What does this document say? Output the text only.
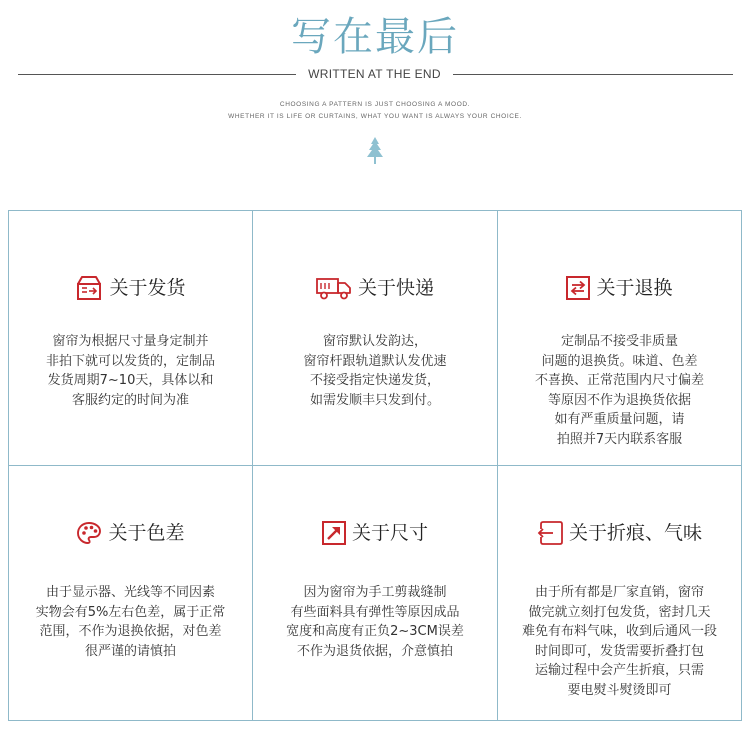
写在最后
WRITTEN AT THE END
CHOOSING A PATTERN IS JUST CHOOSING A MOOD.
WHETHER IT IS LIFE OR CURTAINS, WHAT YOU WANT IS ALWAYS YOUR CHOICE.
关于发货

窗帘为根据尺寸量身定制并

非拍下就可以发货的，定制品

发货周期7~10天，具体以和

客服约定的时间为准

关于快递

窗帘默认发韵达，

窗帘杆跟轨道默认发优速

不接受指定快递发货，

如需发顺丰只发到付。

关于退换

定制品不接受非质量

问题的退换货。味道、色差

不喜换、正常范围内尺寸偏差

等原因不作为退换货依据

如有严重质量问题，请

拍照并7天内联系客服

关于色差

由于显示器、光线等不同因素

实物会有5%左右色差，属于正常

范围，不作为退换依据，对色差

很严谨的请慎拍

关于尺寸

因为窗帘为手工剪裁缝制

有些面料具有弹性等原因成品

宽度和高度有正负2~3CM误差

不作为退货依据，介意慎拍

关于折痕、气味

由于所有都是厂家直销，窗帘

做完就立刻打包发货，密封几天

难免有布料气味，收到后通风一段

时间即可，发货需要折叠打包

运输过程中会产生折痕，只需

要电熨斗熨烫即可
